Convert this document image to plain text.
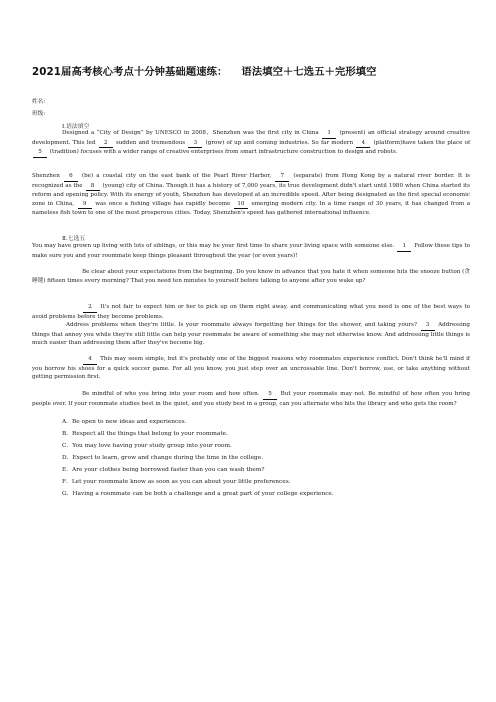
2021届高考核心考点十分钟基础题速练： 语法填空＋七选五＋完形填空
姓名:
班级:
Ⅰ.语法填空
Designed a “City of Design” by UNESCO in 2008，Shenzhen was the first city in China 1 (present) an official strategy around creative development. This led 2 sudden and tremendous 3 (grow) of up and coming industries. So far modern 4 (platform)have taken the place of 5 (tradition) focuses with a wider range of creative enterprises from smart infrastructure construction to design and robots.
Shenzhen 6 (be) a coastal city on the east bank of the Pearl River Harbor, 7 (separate) from Hong Kong by a natural river border. It is recognized as the 8 (young) city of China. Though it has a history of 7,000 years, its true development didn't start until 1980 when China started its reform and opening policy. With its energy of youth, Shenzhen has developed at an incredible speed. After being designated as the first special economic zone in China, 9 was once a fishing village has rapidly become 10 emerging modern city. In a time range of 30 years, it has changed from a nameless fish town to one of the most prosperous cities. Today, Shenzhen's speed has gathered international influence.
Ⅱ.七选五
You may have grown up living with lots of siblings, or this may be your first time to share your living space with someone else. 1 Follow these tips to make sure you and your roommate keep things pleasant throughout the year (or even years)!
Be clear about your expectations from the beginning. Do you know in advance that you hate it when someone hits the snooze button (贪睡键) fifteen times every morning? That you need ten minutes to yourself before talking to anyone after you wake up?
2 It's not fair to expect him or her to pick up on them right away, and communicating what you need is one of the best ways to avoid problems before they become problems.
Address problems when they're little. Is your roommate always forgetting her things for the shower, and taking yours? 3 Addressing things that annoy you while they're still little can help your roommate be aware of something she may not otherwise know. And addressing little things is much easier than addressing them after they've become big.
4 This may seem simple, but it's probably one of the biggest reasons why roommates experience conflict. Don't think he'll mind if you borrow his shoes for a quick soccer game. For all you know, you just step over an uncrossable line. Don't borrow, use, or take anything without getting permission first.
Be mindful of who you bring into your room and how often. 5 But your roommate may not. Be mindful of how often you bring people over. If your roommate studies best in the quiet, and you study best in a group, can you alternate who hits the library and who gets the room?
A．Be open to new ideas and experiences.
B．Respect all the things that belong to your roommate.
C．You may love having your study group into your room.
D．Expect to learn, grow and change during the time in the college.
E．Are your clothes being borrowed faster than you can wash them?
F．Let your roommate know as soon as you can about your little preferences.
G．Having a roommate can be both a challenge and a great part of your college experience.
